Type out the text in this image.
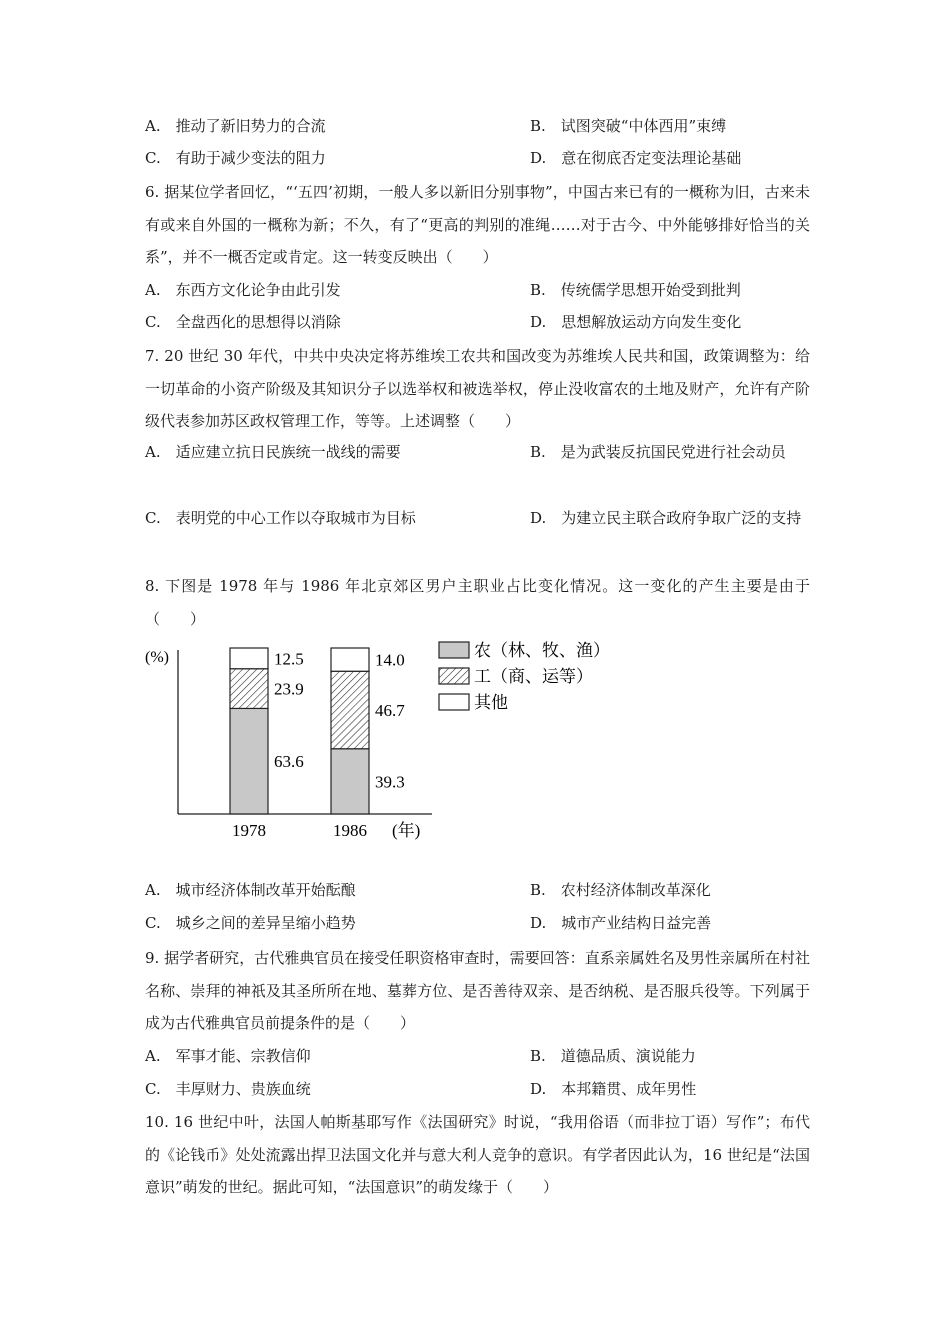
A.　推动了新旧势力的合流	B.　试图突破“中体西用”束缚
C.　有助于减少变法的阻力	D.　意在彻底否定变法理论基础
6. 据某位学者回忆，“‘五四’初期，一般人多以新旧分别事物”，中国古来已有的一概称为旧，古来未有或来自外国的一概称为新；不久，有了“更高的判别的准绳……对于古今、中外能够排好恰当的关系”，并不一概否定或肯定。这一转变反映出（　　）
A.　东西方文化论争由此引发	B.　传统儒学思想开始受到批判
C.　全盘西化的思想得以消除	D.　思想解放运动方向发生变化
7. 20 世纪 30 年代，中共中央决定将苏维埃工农共和国改变为苏维埃人民共和国，政策调整为：给一切革命的小资产阶级及其知识分子以选举权和被选举权，停止没收富农的土地及财产，允许有产阶级代表参加苏区政权管理工作，等等。上述调整（　　）
A.　适应建立抗日民族统一战线的需要	B.　是为武装反抗国民党进行社会动员
C.　表明党的中心工作以夺取城市为目标	D.　为建立民主联合政府争取广泛的支持
8. 下图是 1978 年与 1986 年北京郊区男户主职业占比变化情况。这一变化的产生主要是由于（　　）
(%)
63.6
23.9
12.5
1978
39.3
46.7
14.0
1986 (年)
农（林、牧、渔）
工（商、运等）
其他
A.　城市经济体制改革开始酝酿	B.　农村经济体制改革深化
C.　城乡之间的差异呈缩小趋势	D.　城市产业结构日益完善
9. 据学者研究，古代雅典官员在接受任职资格审查时，需要回答：直系亲属姓名及男性亲属所在村社名称、崇拜的神祇及其圣所所在地、墓葬方位、是否善待双亲、是否纳税、是否服兵役等。下列属于成为古代雅典官员前提条件的是（　　）
A.　军事才能、宗教信仰	B.　道德品质、演说能力
C.　丰厚财力、贵族血统	D.　本邦籍贯、成年男性
10. 16 世纪中叶，法国人帕斯基耶写作《法国研究》时说，“我用俗语（而非拉丁语）写作”；布代的《论钱币》处处流露出捍卫法国文化并与意大利人竞争的意识。有学者因此认为，16 世纪是“法国意识”萌发的世纪。据此可知，“法国意识”的萌发缘于（　　）
